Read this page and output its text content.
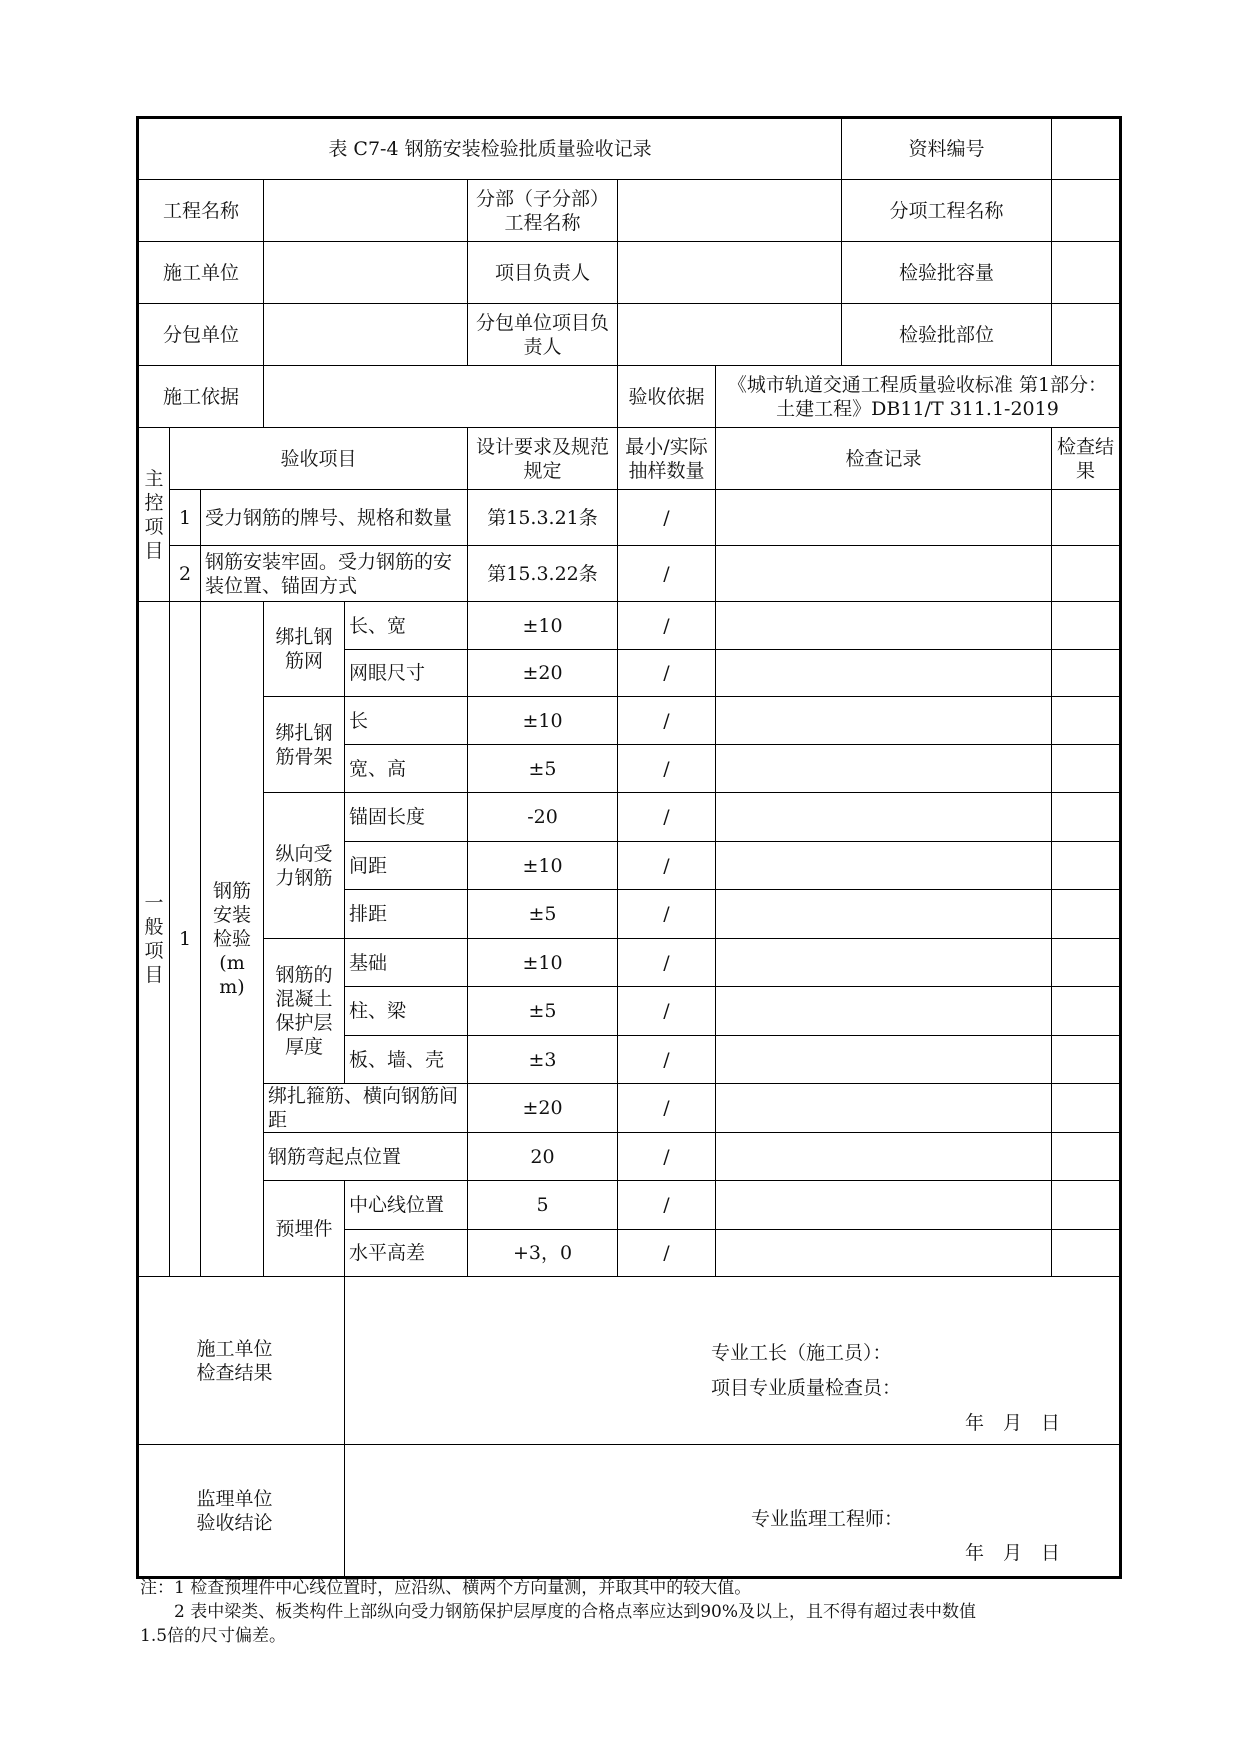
表 C7-4 钢筋安装检验批质量验收记录								资料编号	
工程名称					分部（子分部）工程名称			分项工程名称	
施工单位					项目负责人			检验批容量	
分包单位					分包单位项目负责人			检验批部位	
施工依据						验收依据	《城市轨道交通工程质量验收标准 第1部分：土建工程》DB11/T 311.1-2019		

主控项目	验收项目				设计要求及规范规定	最小/实际抽样数量	检查记录		检查结果
	1	受力钢筋的牌号、规格和数量			第15.3.21条	/			
	2	钢筋安装牢固。受力钢筋的安装位置、锚固方式			第15.3.22条	/			

一般项目	1	钢筋安装检验(mm)	绑扎钢筋网	长、宽	±10	/			
				网眼尺寸	±20	/			
			绑扎钢筋骨架	长	±10	/			
				宽、高	±5	/			
			纵向受力钢筋	锚固长度	-20	/			
				间距	±10	/			
				排距	±5	/			
			钢筋的混凝土保护层厚度	基础	±10	/			
				柱、梁	±5	/			
				板、墙、壳	±3	/			
			绑扎箍筋、横向钢筋间距		±20	/			
			钢筋弯起点位置		20	/			
			预埋件	中心线位置	5	/			
				水平高差	+3，0	/			

施工单位检查结果				专业工长（施工员）：
项目专业质量检查员：
年　月　日					

监理单位验收结论				专业监理工程师：
年　月　日					
注：1 检查预埋件中心线位置时，应沿纵、横两个方向量测，并取其中的较大值。
　　2 表中梁类、板类构件上部纵向受力钢筋保护层厚度的合格点率应达到90%及以上，且不得有超过表中数值
1.5倍的尺寸偏差。
